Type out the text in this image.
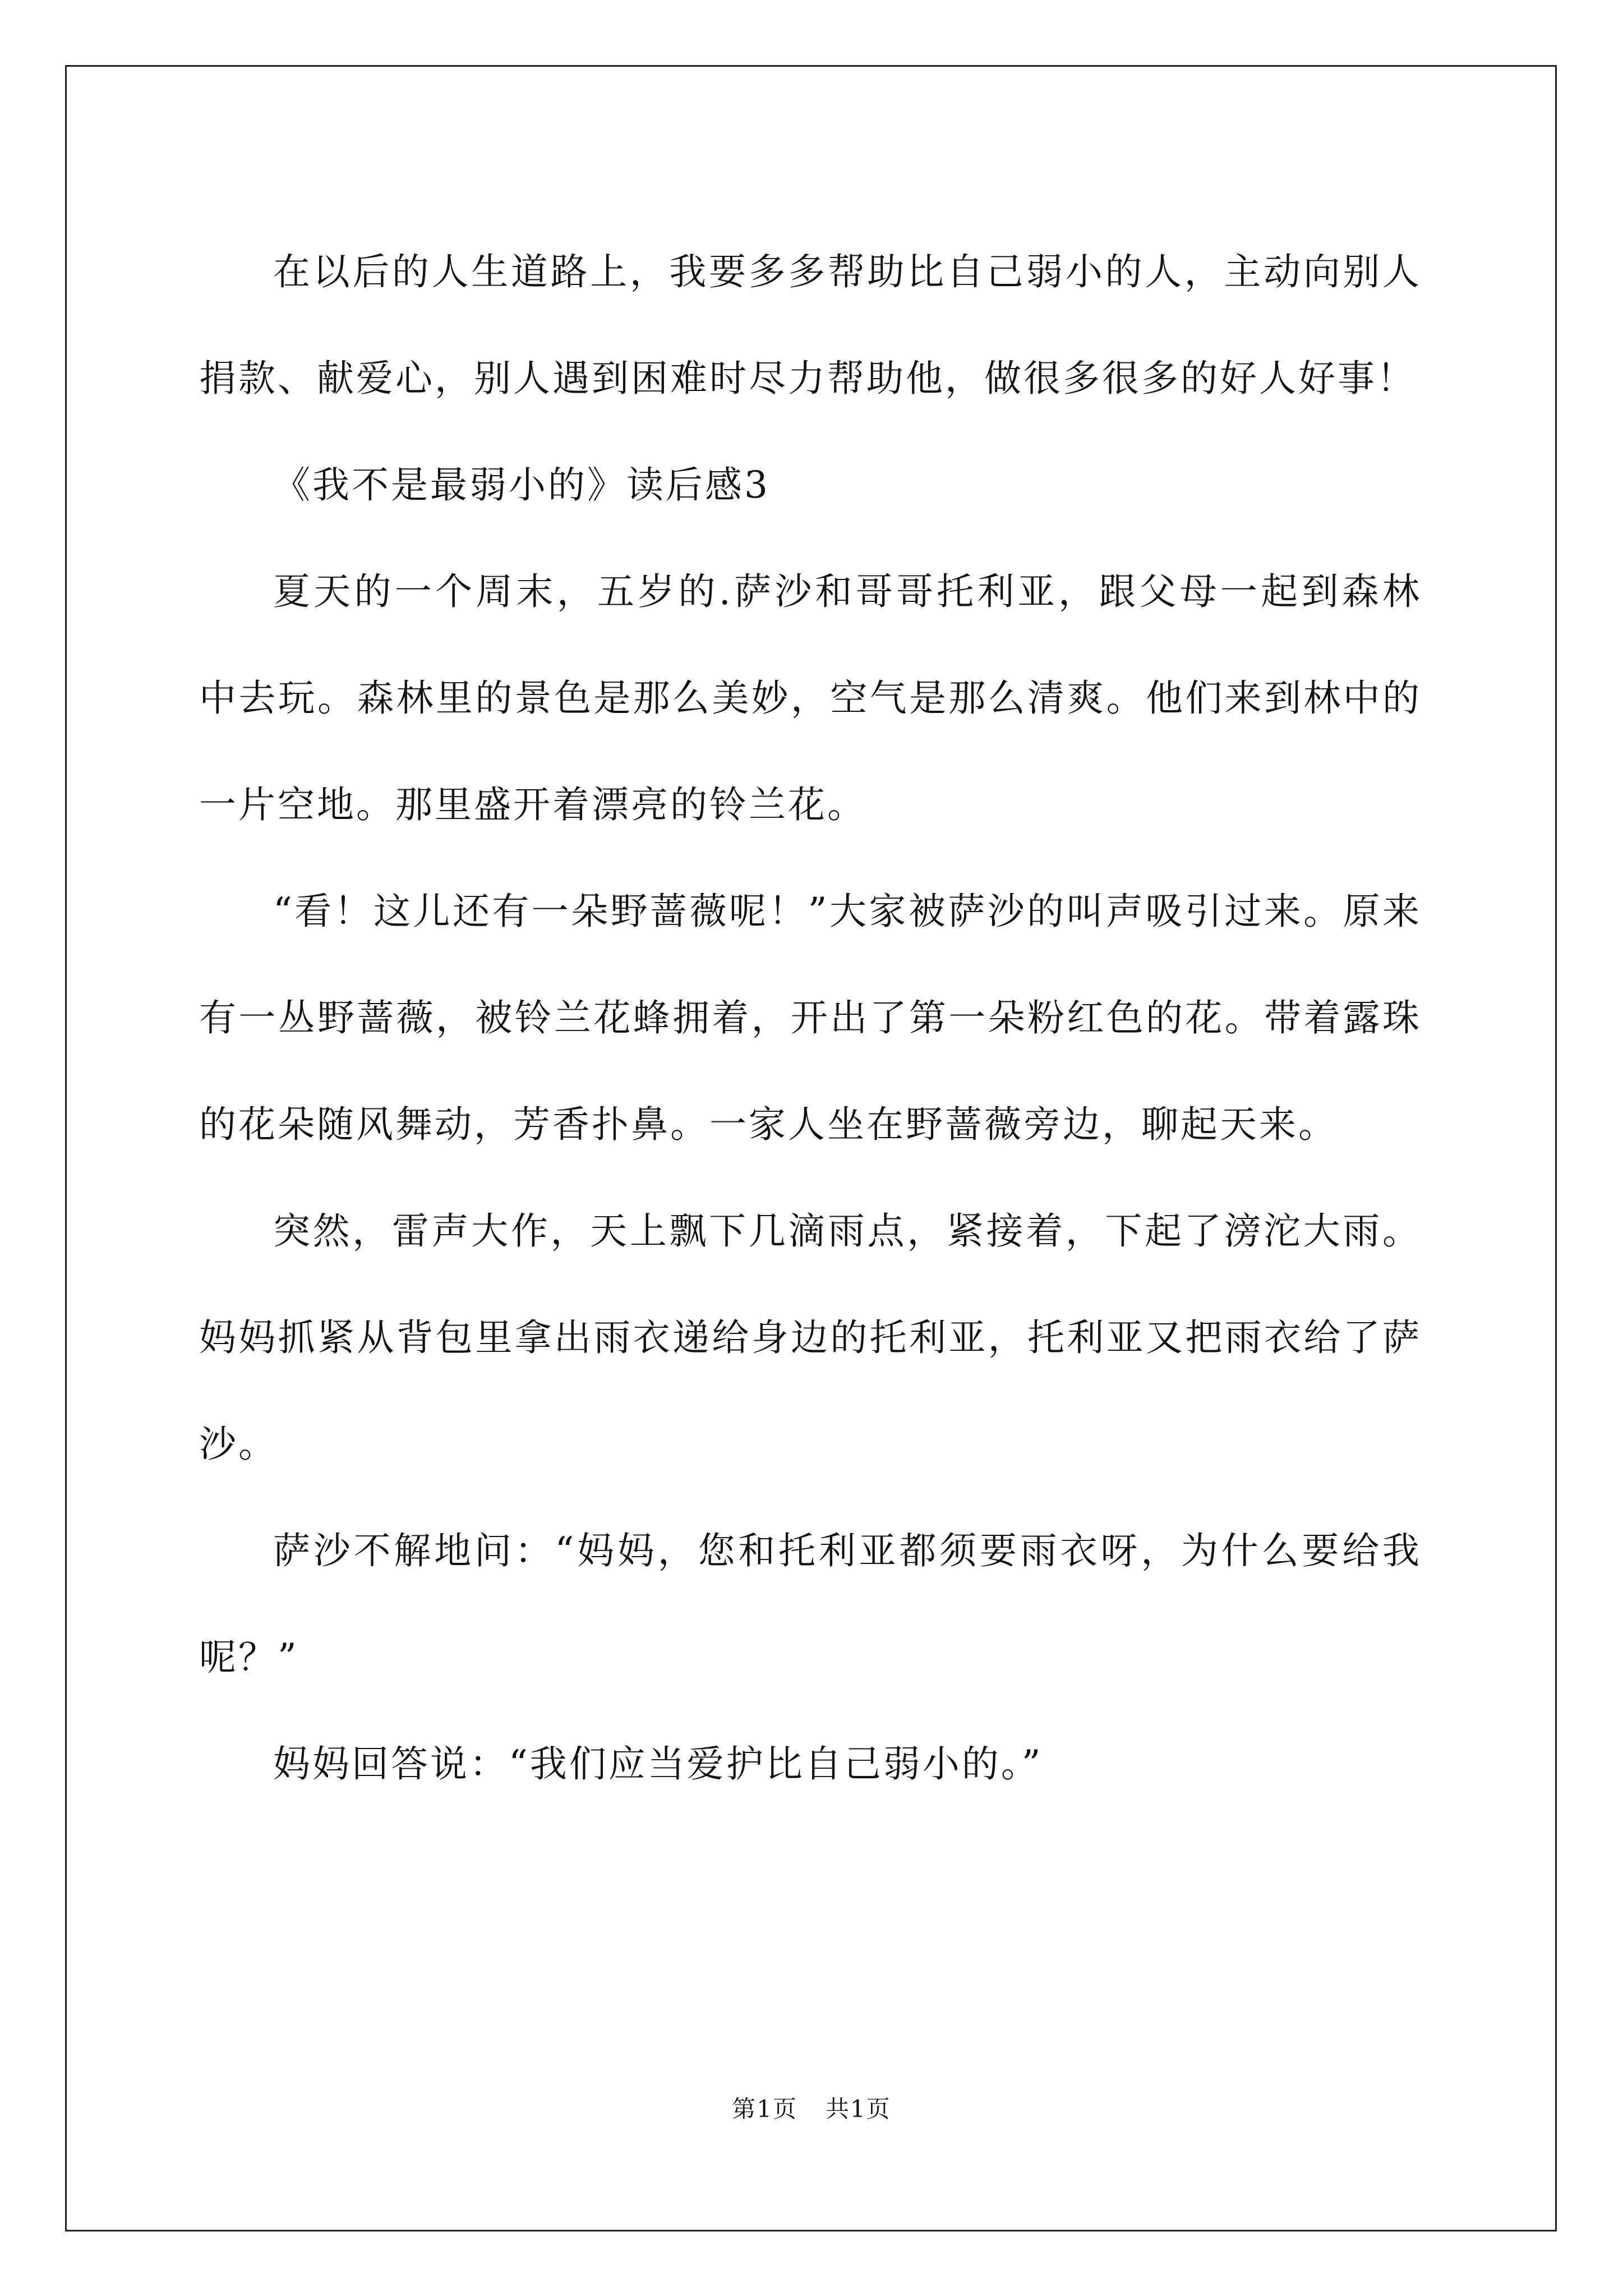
在以后的人生道路上，我要多多帮助比自己弱小的人，主动向别人捐款、献爱心，别人遇到困难时尽力帮助他，做很多很多的好人好事！

《我不是最弱小的》读后感3

夏天的一个周末，五岁的.萨沙和哥哥托利亚，跟父母一起到森林中去玩。森林里的景色是那么美妙，空气是那么清爽。他们来到林中的一片空地。那里盛开着漂亮的铃兰花。

“看！这儿还有一朵野蔷薇呢！”大家被萨沙的叫声吸引过来。原来有一丛野蔷薇，被铃兰花蜂拥着，开出了第一朵粉红色的花。带着露珠的花朵随风舞动，芳香扑鼻。一家人坐在野蔷薇旁边，聊起天来。

突然，雷声大作，天上飘下几滴雨点，紧接着，下起了滂沱大雨。妈妈抓紧从背包里拿出雨衣递给身边的托利亚，托利亚又把雨衣给了萨沙。

萨沙不解地问：“妈妈，您和托利亚都须要雨衣呀，为什么要给我呢？”

妈妈回答说：“我们应当爱护比自己弱小的。”

第1页 共1页
